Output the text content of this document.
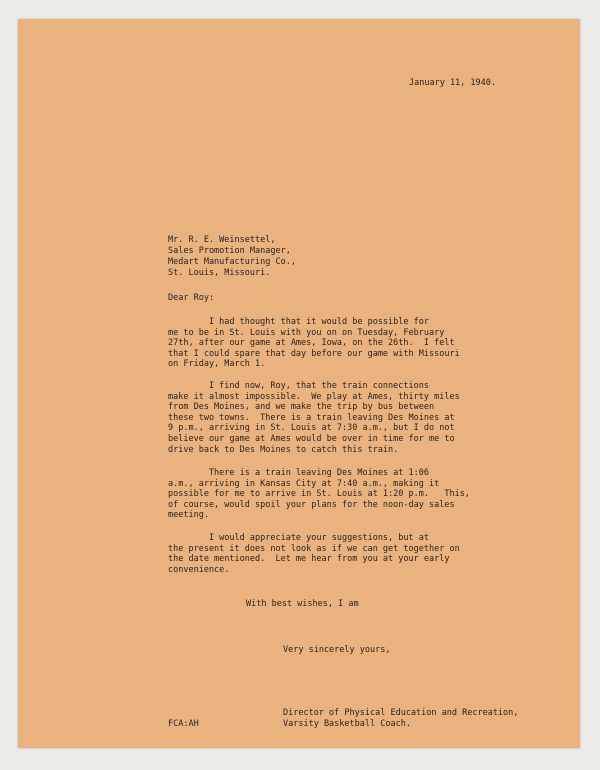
January 11, 1940.
Mr. R. E. Weinsettel,
Sales Promotion Manager,
Medart Manufacturing Co.,
St. Louis, Missouri.
Dear Roy:
I had thought that it would be possible for
me to be in St. Louis with you on on Tuesday, February
27th, after our game at Ames, Iowa, on the 26th.  I felt
that I could spare that day before our game with Missouri
on Friday, March 1.
I find now, Roy, that the train connections
make it almost impossible.  We play at Ames, thirty miles
from Des Moines, and we make the trip by bus between
these two towns.  There is a train leaving Des Moines at
9 p.m., arriving in St. Louis at 7:30 a.m., but I do not
believe our game at Ames would be over in time for me to
drive back to Des Moines to catch this train.
There is a train leaving Des Moines at 1:06
a.m., arriving in Kansas City at 7:40 a.m., making it
possible for me to arrive in St. Louis at 1:20 p.m.   This,
of course, would spoil your plans for the noon-day sales
meeting.
I would appreciate your suggestions, but at
the present it does not look as if we can get together on
the date mentioned.  Let me hear from you at your early
convenience.
With best wishes, I am
Very sincerely yours,
FCA:AH
Director of Physical Education and Recreation,
Varsity Basketball Coach.
